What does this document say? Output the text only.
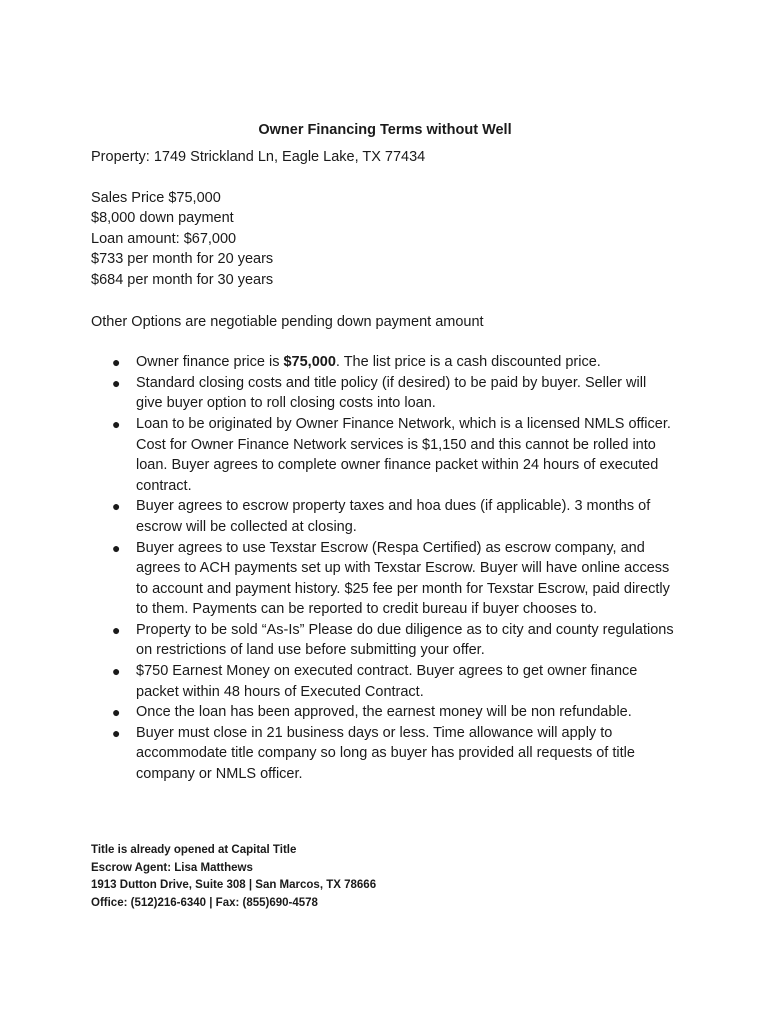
Owner Financing Terms without Well

Property: 1749 Strickland Ln, Eagle Lake, TX 77434

Sales Price $75,000

$8,000 down payment

Loan amount: $67,000

$733 per month for 20 years

$684 per month for 30 years

Other Options are negotiable pending down payment amount

● Owner finance price is $75,000. The list price is a cash discounted price.
● Standard closing costs and title policy (if desired) to be paid by buyer. Seller will give buyer option to roll closing costs into loan.
● Loan to be originated by Owner Finance Network, which is a licensed NMLS officer. Cost for Owner Finance Network services is $1,150 and this cannot be rolled into loan. Buyer agrees to complete owner finance packet within 24 hours of executed contract.
● Buyer agrees to escrow property taxes and hoa dues (if applicable). 3 months of escrow will be collected at closing.
● Buyer agrees to use Texstar Escrow (Respa Certified) as escrow company, and agrees to ACH payments set up with Texstar Escrow. Buyer will have online access to account and payment history. $25 fee per month for Texstar Escrow, paid directly to them. Payments can be reported to credit bureau if buyer chooses to.
● Property to be sold “As-Is” Please do due diligence as to city and county regulations on restrictions of land use before submitting your offer.
● $750 Earnest Money on executed contract. Buyer agrees to get owner finance packet within 48 hours of Executed Contract.
● Once the loan has been approved, the earnest money will be non refundable.
● Buyer must close in 21 business days or less. Time allowance will apply to accommodate title company so long as buyer has provided all requests of title company or NMLS officer.

Title is already opened at Capital Title

Escrow Agent: Lisa Matthews

1913 Dutton Drive, Suite 308 | San Marcos, TX 78666

Office: (512)216-6340 | Fax: (855)690-4578
